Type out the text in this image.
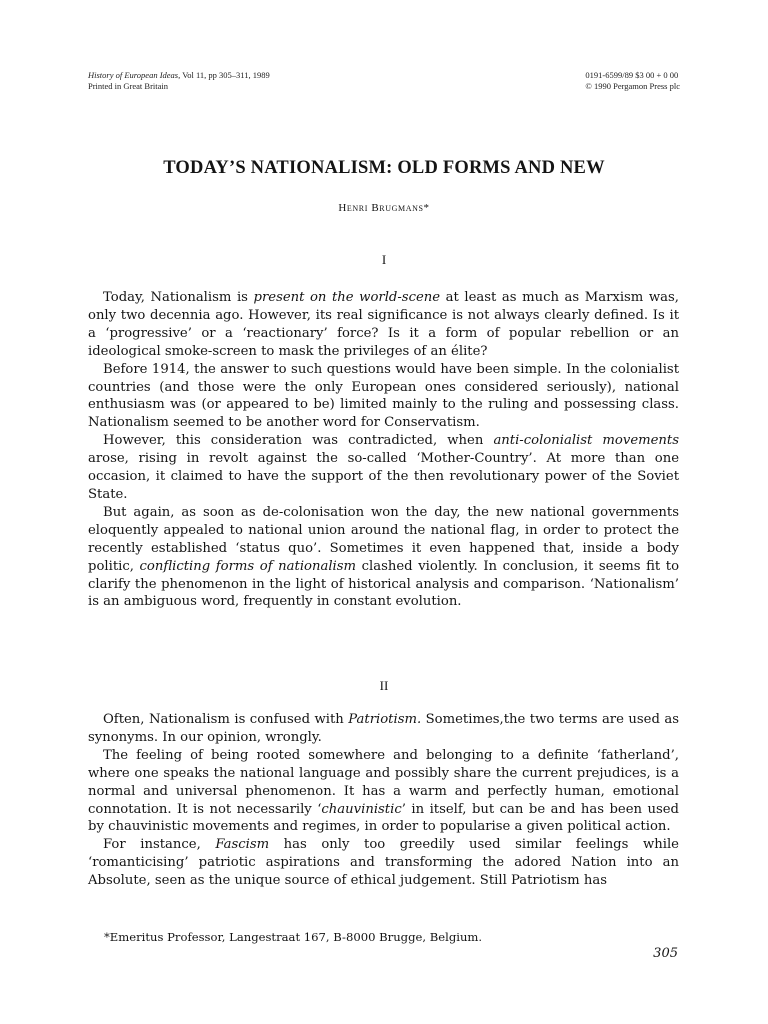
History of European Ideas, Vol 11, pp 305–311, 1989
Printed in Great Britain
0191-6599/89 $3 00 + 0 00
© 1990 Pergamon Press plc
TODAY’S NATIONALISM: OLD FORMS AND NEW
Henri Brugmans*
I

Today, Nationalism is present on the world-scene at least as much as Marxism was, only two decennia ago. However, its real significance is not always clearly defined. Is it a ‘progressive’ or a ‘reactionary’ force? Is it a form of popular rebellion or an ideological smoke-screen to mask the privileges of an élite?

Before 1914, the answer to such questions would have been simple. In the colonialist countries (and those were the only European ones considered seriously), national enthusiasm was (or appeared to be) limited mainly to the ruling and possessing class. Nationalism seemed to be another word for Conservatism.

However, this consideration was contradicted, when anti-colonialist movements arose, rising in revolt against the so-called ‘Mother-Country’. At more than one occasion, it claimed to have the support of the then revolutionary power of the Soviet State.

But again, as soon as de-colonisation won the day, the new national governments eloquently appealed to national union around the national flag, in order to protect the recently established ‘status quo’. Sometimes it even happened that, inside a body politic, conflicting forms of nationalism clashed violently. In conclusion, it seems fit to clarify the phenomenon in the light of historical analysis and comparison. ‘Nationalism’ is an ambiguous word, frequently in constant evolution.

II

Often, Nationalism is confused with Patriotism. Sometimes,the two terms are used as synonyms. In our opinion, wrongly.

The feeling of being rooted somewhere and belonging to a definite ‘fatherland’, where one speaks the national language and possibly share the current prejudices, is a normal and universal phenomenon. It has a warm and perfectly human, emotional connotation. It is not necessarily ‘chauvinistic’ in itself, but can be and has been used by chauvinistic movements and regimes, in order to popularise a given political action.

For instance, Fascism has only too greedily used similar feelings while ‘romanticising’ patriotic aspirations and transforming the adored Nation into an Absolute, seen as the unique source of ethical judgement. Still Patriotism has

*Emeritus Professor, Langestraat 167, B-8000 Brugge, Belgium.
305
